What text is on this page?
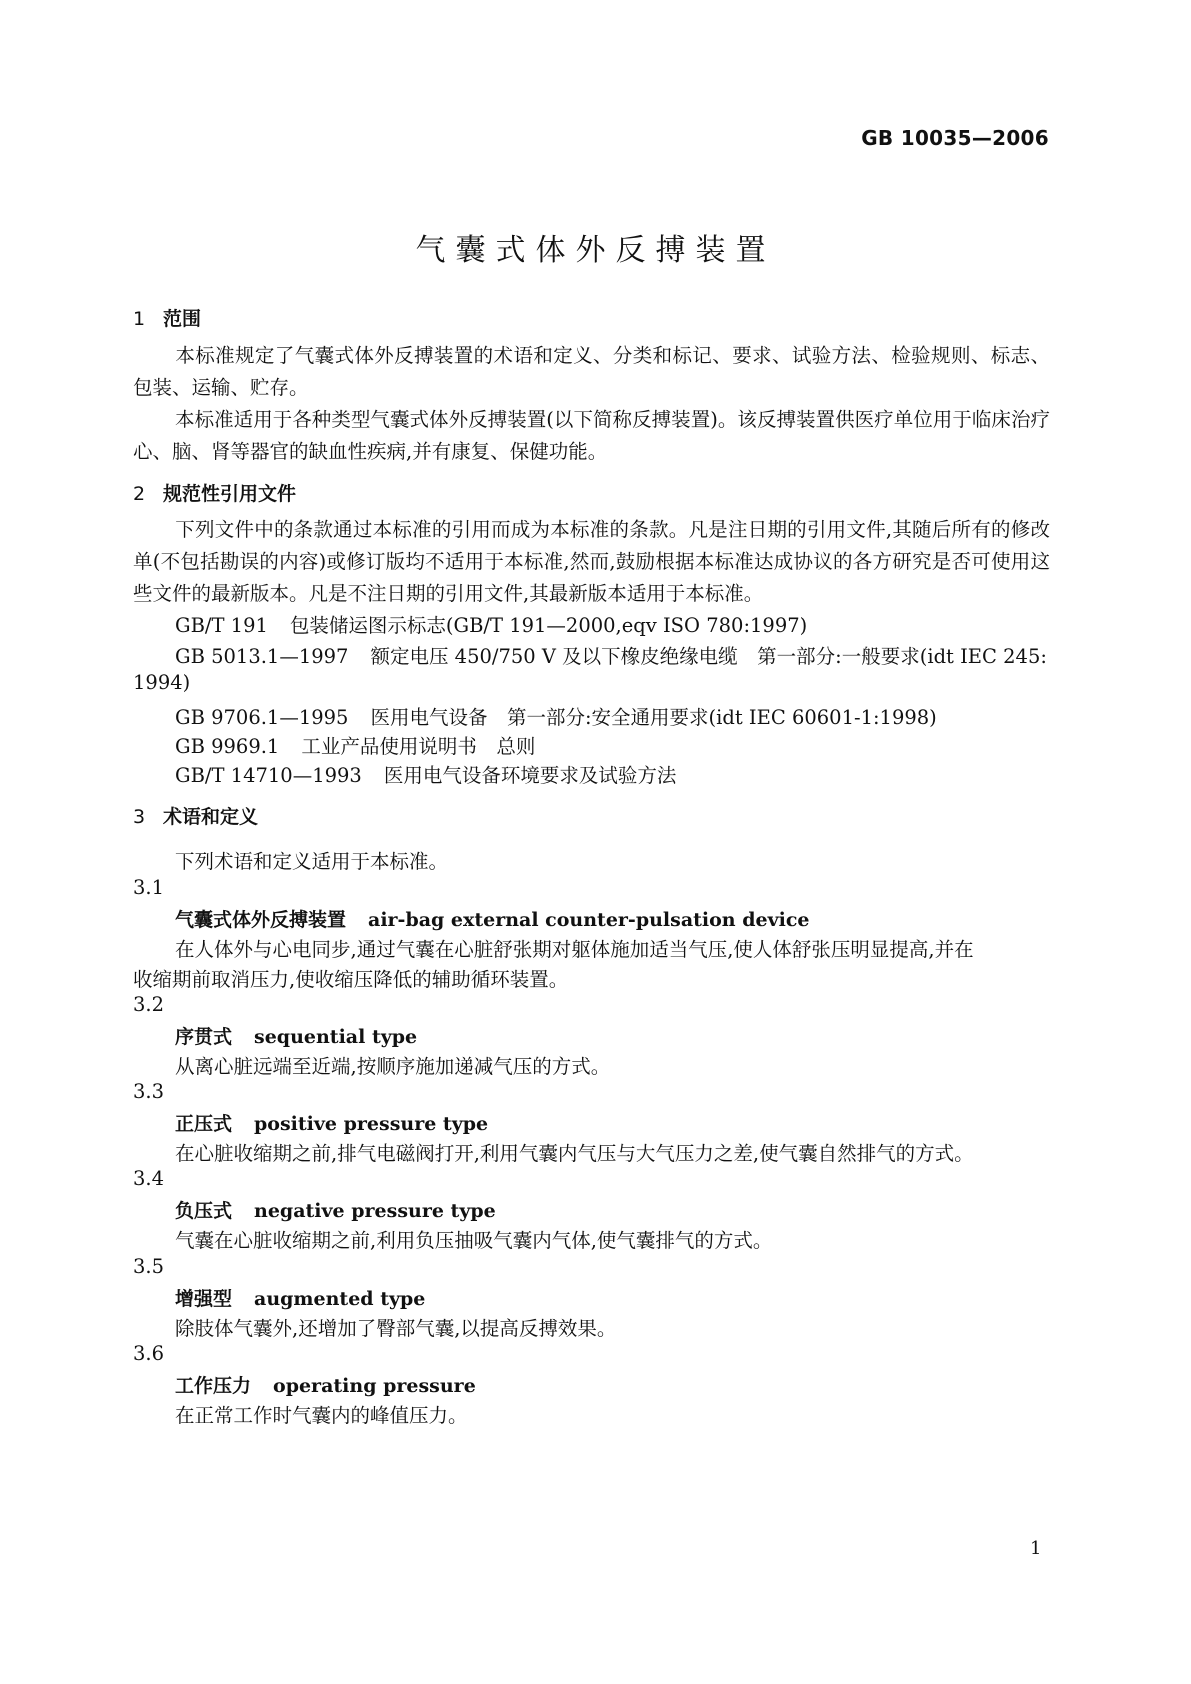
GB 10035—2006
气囊式体外反搏装置
1 范围
本标准规定了气囊式体外反搏装置的术语和定义、分类和标记、要求、试验方法、检验规则、标志、包装、运输、贮存。
本标准适用于各种类型气囊式体外反搏装置(以下简称反搏装置)。该反搏装置供医疗单位用于临床治疗心、脑、肾等器官的缺血性疾病,并有康复、保健功能。
2 规范性引用文件
下列文件中的条款通过本标准的引用而成为本标准的条款。凡是注日期的引用文件,其随后所有的修改单(不包括勘误的内容)或修订版均不适用于本标准,然而,鼓励根据本标准达成协议的各方研究是否可使用这些文件的最新版本。凡是不注日期的引用文件,其最新版本适用于本标准。
GB/T 191 包装储运图示标志(GB/T 191—2000,eqv ISO 780:1997)
GB 5013.1—1997 额定电压 450/750 V 及以下橡皮绝缘电缆　第一部分:一般要求(idt IEC 245:
1994)
GB 9706.1—1995 医用电气设备　第一部分:安全通用要求(idt IEC 60601-1:1998)
GB 9969.1 工业产品使用说明书　总则
GB/T 14710—1993 医用电气设备环境要求及试验方法
3 术语和定义
下列术语和定义适用于本标准。
3.1
气囊式体外反搏装置 air-bag external counter-pulsation device
在人体外与心电同步,通过气囊在心脏舒张期对躯体施加适当气压,使人体舒张压明显提高,并在
收缩期前取消压力,使收缩压降低的辅助循环装置。
3.2
序贯式 sequential type
从离心脏远端至近端,按顺序施加递减气压的方式。
3.3
正压式 positive pressure type
在心脏收缩期之前,排气电磁阀打开,利用气囊内气压与大气压力之差,使气囊自然排气的方式。
3.4
负压式 negative pressure type
气囊在心脏收缩期之前,利用负压抽吸气囊内气体,使气囊排气的方式。
3.5
增强型 augmented type
除肢体气囊外,还增加了臀部气囊,以提高反搏效果。
3.6
工作压力 operating pressure
在正常工作时气囊内的峰值压力。
1
